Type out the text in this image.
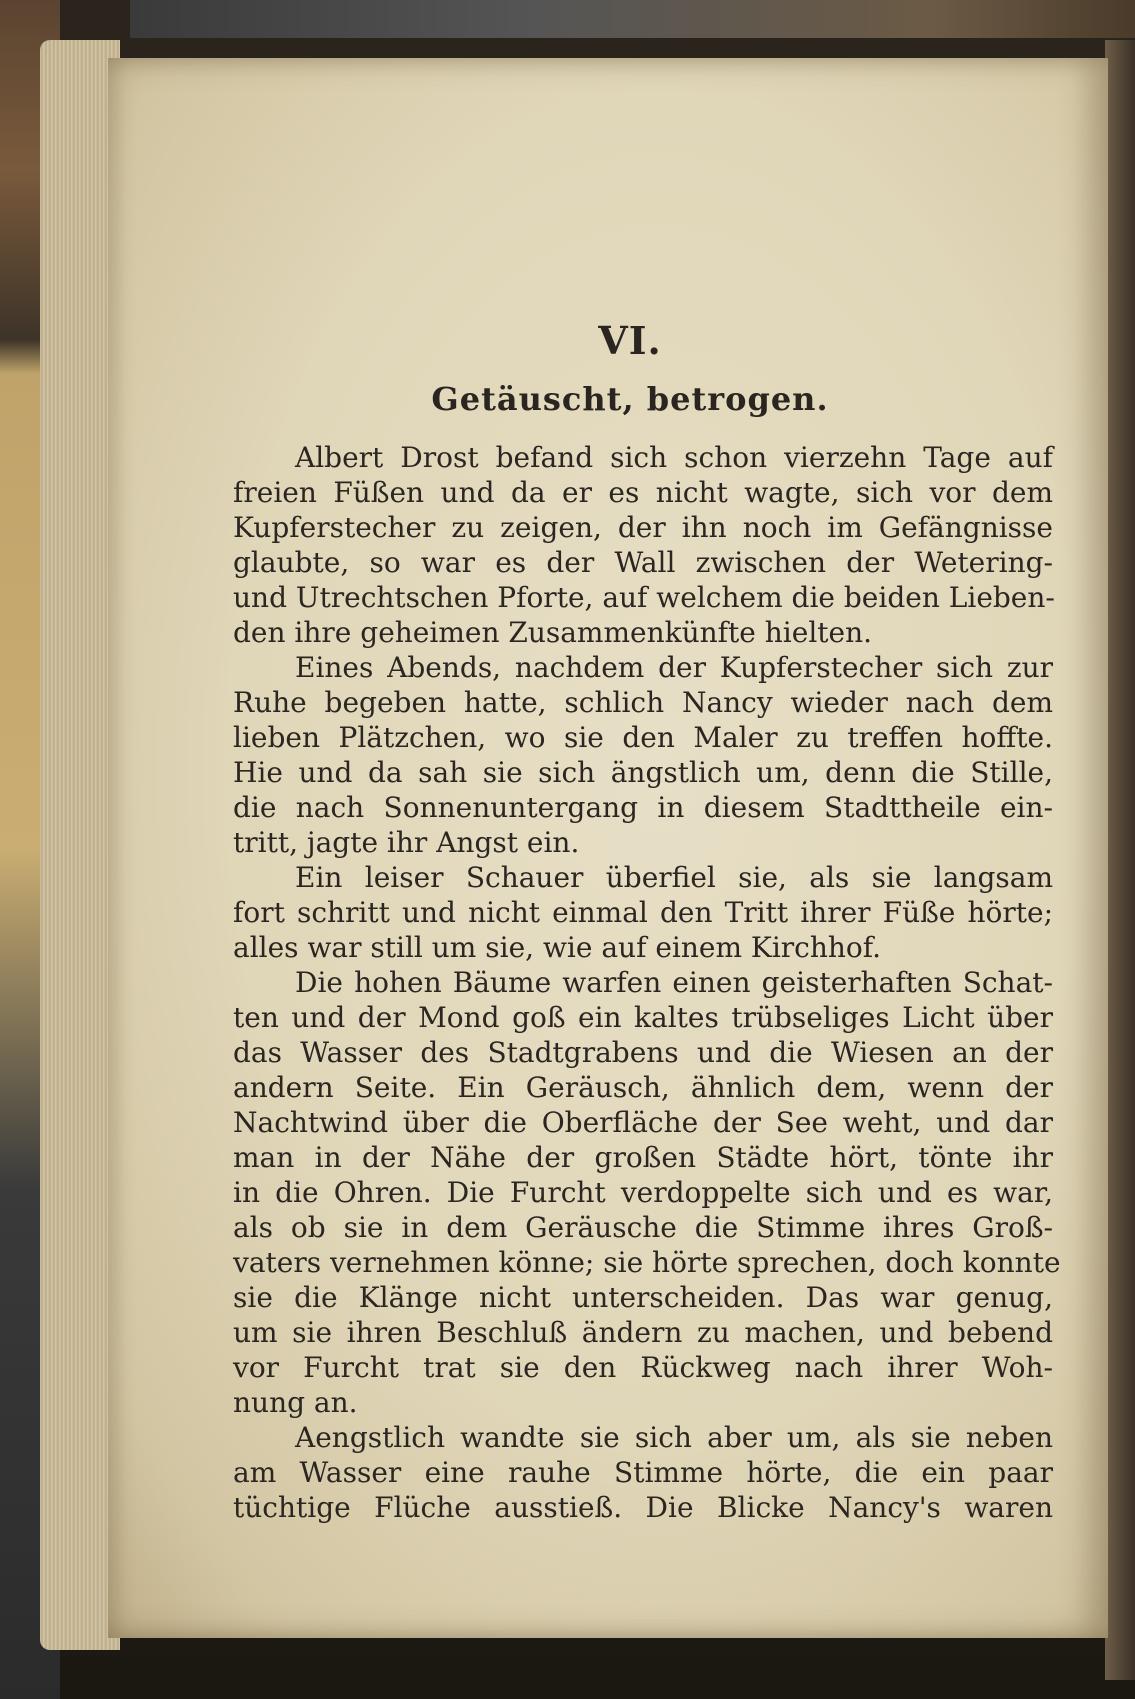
VI.
Getäuscht, betrogen.
Albert Drost befand sich schon vierzehn Tage auf
freien Füßen und da er es nicht wagte, sich vor dem
Kupferstecher zu zeigen, der ihn noch im Gefängnisse
glaubte, so war es der Wall zwischen der Wetering-
und Utrechtschen Pforte, auf welchem die beiden Lieben-
den ihre geheimen Zusammenkünfte hielten.
Eines Abends, nachdem der Kupferstecher sich zur
Ruhe begeben hatte, schlich Nancy wieder nach dem
lieben Plätzchen, wo sie den Maler zu treffen hoffte.
Hie und da sah sie sich ängstlich um, denn die Stille,
die nach Sonnenuntergang in diesem Stadttheile ein-
tritt, jagte ihr Angst ein.
Ein leiser Schauer überfiel sie, als sie langsam
fort schritt und nicht einmal den Tritt ihrer Füße hörte;
alles war still um sie, wie auf einem Kirchhof.
Die hohen Bäume warfen einen geisterhaften Schat-
ten und der Mond goß ein kaltes trübseliges Licht über
das Wasser des Stadtgrabens und die Wiesen an der
andern Seite. Ein Geräusch, ähnlich dem, wenn der
Nachtwind über die Oberfläche der See weht, und dar
man in der Nähe der großen Städte hört, tönte ihr
in die Ohren. Die Furcht verdoppelte sich und es war,
als ob sie in dem Geräusche die Stimme ihres Groß-
vaters vernehmen könne; sie hörte sprechen, doch konnte
sie die Klänge nicht unterscheiden. Das war genug,
um sie ihren Beschluß ändern zu machen, und bebend
vor Furcht trat sie den Rückweg nach ihrer Woh-
nung an.
Aengstlich wandte sie sich aber um, als sie neben
am Wasser eine rauhe Stimme hörte, die ein paar
tüchtige Flüche ausstieß. Die Blicke Nancy's waren
